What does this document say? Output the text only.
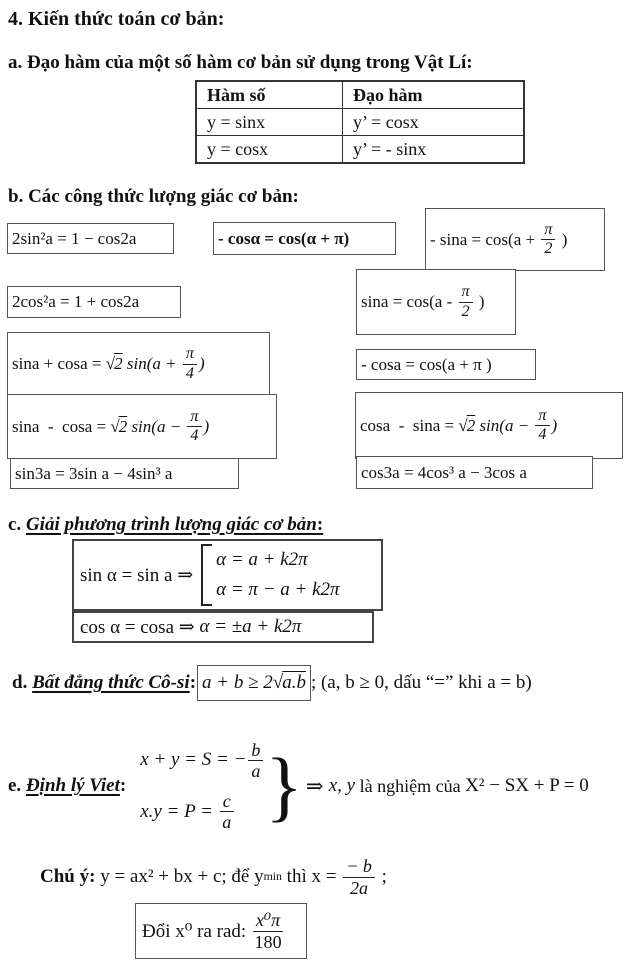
4. Kiến thức toán cơ bản:
a. Đạo hàm của một số hàm cơ bản sử dụng trong Vật Lí:
Hàm số	Đạo hàm
y = sinx	y’ = cosx
y = cosx	y’ = - sinx
b. Các công thức lượng giác cơ bản:
2sin²a = 1 − cos2a	- cosα = cos(α + π)	- $\sin a = \cos(a + \frac{\pi}{2}$ )
2cos²a = 1 + cos2a	$\sin a = \cos(a - \frac{\pi}{2}$ )
sina + cosa = √2 $\sin(a + \frac{\pi}{4}$ )	- cosa = cos(a + π )
sina  -  cosa = √2 $\sin(a - \frac{\pi}{4}$ )	cosa  -  sina = √2 $\sin(a - \frac{\pi}{4}$ )
sin3a = 3sin a − 4sin³ a	cos3a = 4cos³ a − 3cos a
c. Giải phương trình lượng giác cơ bản:
sin α = sin a ⇒
α = a + k2π
α = π − a + k2π
cos α = cosa ⇒ α = ±a + k2π
d. Bất đẳng thức Cô-si : a + b ≥ 2 √a.b ; (a, b ≥ 0, dấu “=” khi a = b)
e. Định lý Viet :
x + y = S = − $\frac{b}{a}$
$x.y = P = \frac{c}{a}$ } ⇒ x, y là nghiệm của X² − SX + P = 0
Chú ý: y = ax² + bx + c; để y min thì $x = \frac{- b}{2a}$ ;
Đổi x⁰ ra rad: $\frac{\text{x⁰π}}{180}$
